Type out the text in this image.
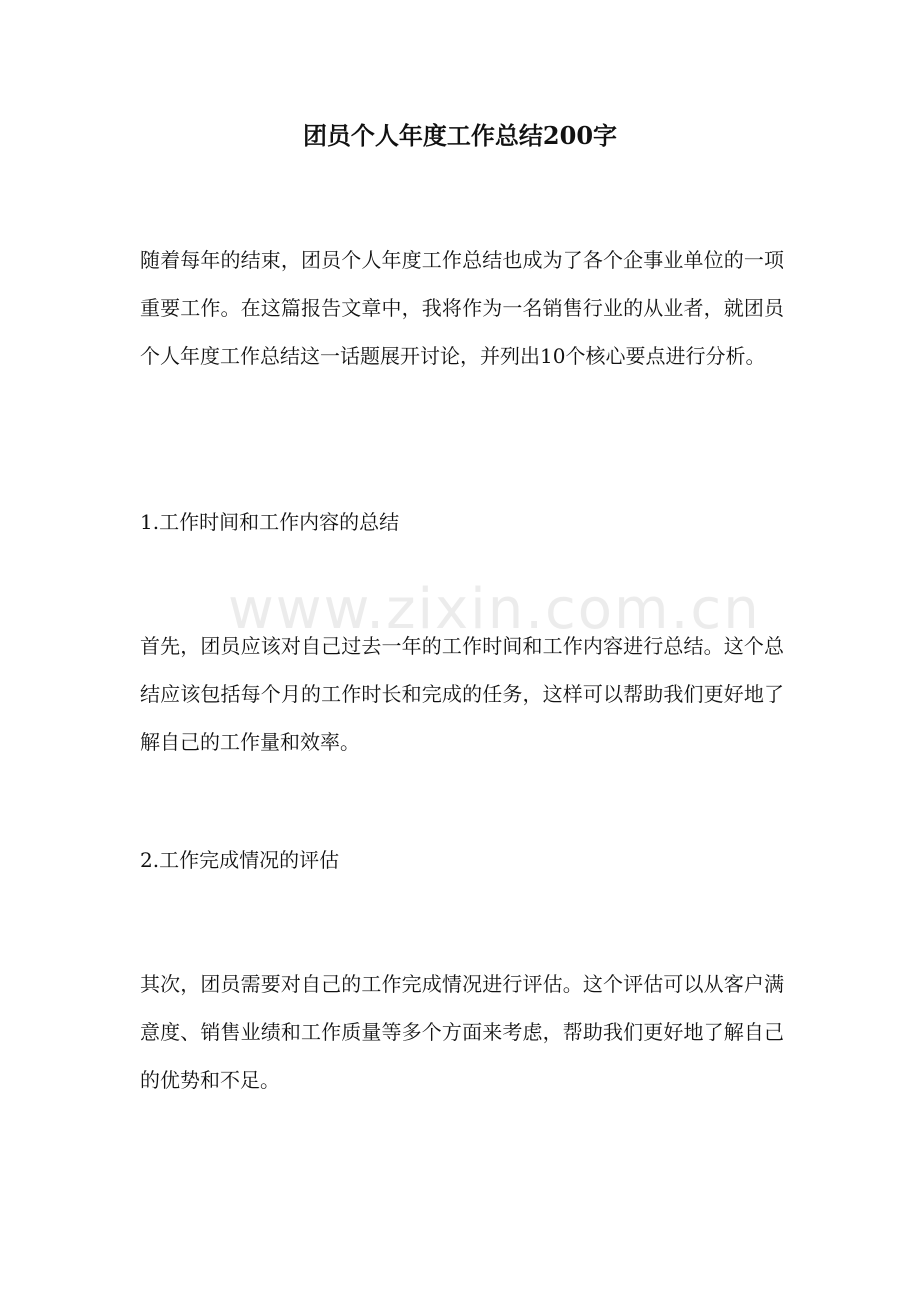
团员个人年度工作总结200字

随着每年的结束，团员个人年度工作总结也成为了各个企事业单位的一项重要工作。在这篇报告文章中，我将作为一名销售行业的从业者，就团员个人年度工作总结这一话题展开讨论，并列出10个核心要点进行分析。

1.工作时间和工作内容的总结

首先，团员应该对自己过去一年的工作时间和工作内容进行总结。这个总结应该包括每个月的工作时长和完成的任务，这样可以帮助我们更好地了解自己的工作量和效率。

2.工作完成情况的评估

其次，团员需要对自己的工作完成情况进行评估。这个评估可以从客户满意度、销售业绩和工作质量等多个方面来考虑，帮助我们更好地了解自己的优势和不足。

www.zixin.com.cn
